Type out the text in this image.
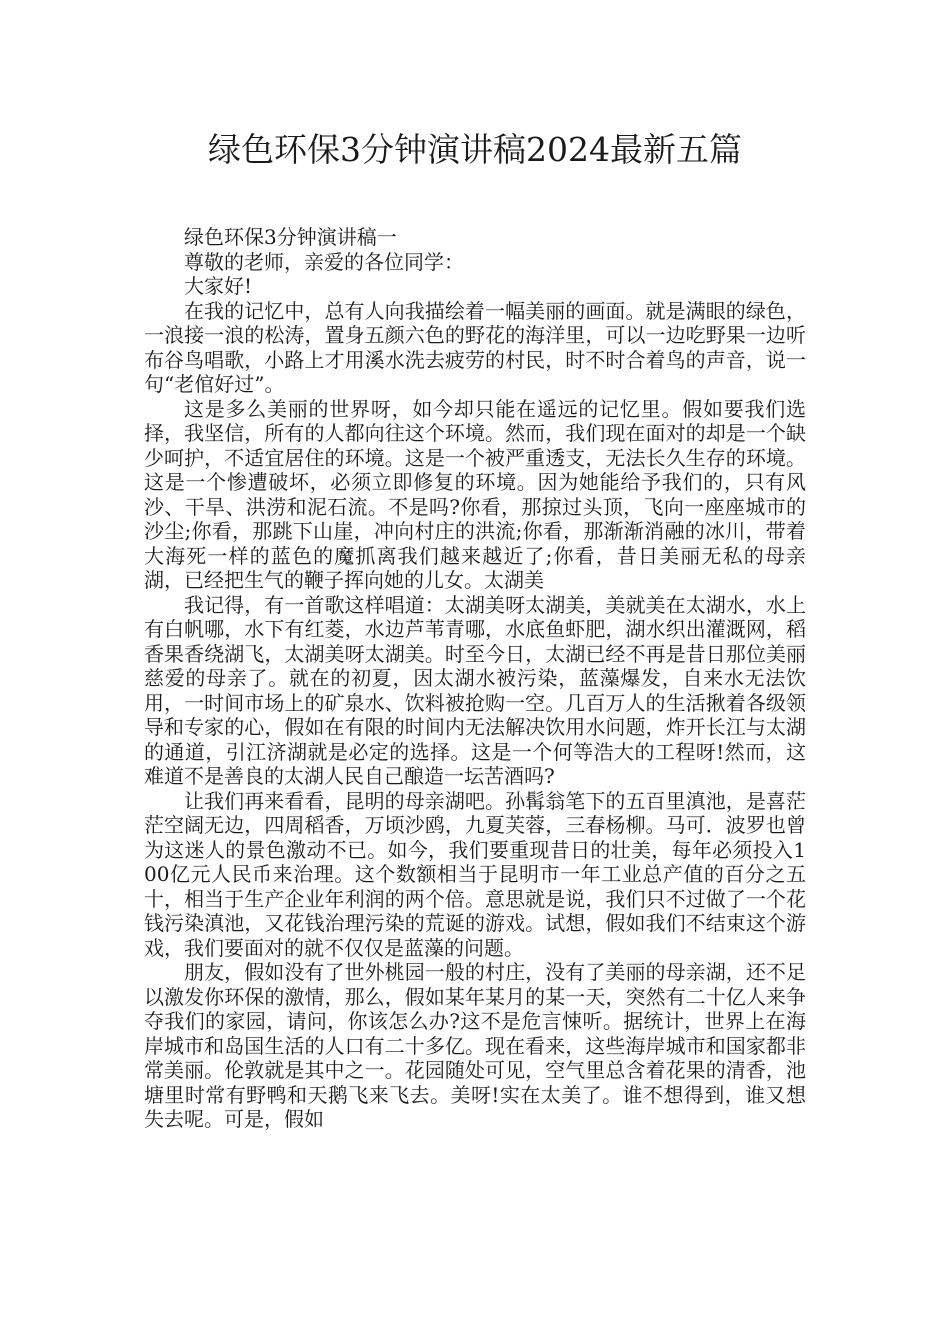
绿色环保3分钟演讲稿2024最新五篇

绿色环保3分钟演讲稿一

尊敬的老师，亲爱的各位同学：

大家好!

在我的记忆中，总有人向我描绘着一幅美丽的画面。就是满眼的绿色，一浪接一浪的松涛，置身五颜六色的野花的海洋里，可以一边吃野果一边听布谷鸟唱歌，小路上才用溪水洗去疲劳的村民，时不时合着鸟的声音，说一句“老倌好过”。

这是多么美丽的世界呀，如今却只能在遥远的记忆里。假如要我们选择，我坚信，所有的人都向往这个环境。然而，我们现在面对的却是一个缺少呵护，不适宜居住的环境。这是一个被严重透支，无法长久生存的环境。这是一个惨遭破坏，必须立即修复的环境。因为她能给予我们的，只有风沙、干旱、洪涝和泥石流。不是吗?你看，那掠过头顶，飞向一座座城市的沙尘;你看，那跳下山崖，冲向村庄的洪流;你看，那渐渐消融的冰川，带着大海死一样的蓝色的魔抓离我们越来越近了;你看，昔日美丽无私的母亲湖，已经把生气的鞭子挥向她的儿女。太湖美

我记得，有一首歌这样唱道：太湖美呀太湖美，美就美在太湖水，水上有白帆哪，水下有红菱，水边芦苇青哪，水底鱼虾肥，湖水织出灌溉网，稻香果香绕湖飞，太湖美呀太湖美。时至今日，太湖已经不再是昔日那位美丽慈爱的母亲了。就在的初夏，因太湖水被污染，蓝藻爆发，自来水无法饮用，一时间市场上的矿泉水、饮料被抢购一空。几百万人的生活揪着各级领导和专家的心，假如在有限的时间内无法解决饮用水问题，炸开长江与太湖的通道，引江济湖就是必定的选择。这是一个何等浩大的工程呀!然而，这难道不是善良的太湖人民自己酿造一坛苦酒吗?

让我们再来看看，昆明的母亲湖吧。孙髯翁笔下的五百里滇池，是喜茫茫空阔无边，四周稻香，万顷沙鸥，九夏芙蓉，三春杨柳。马可．波罗也曾为这迷人的景色激动不已。如今，我们要重现昔日的壮美，每年必须投入100亿元人民币来治理。这个数额相当于昆明市一年工业总产值的百分之五十，相当于生产企业年利润的两个倍。意思就是说，我们只不过做了一个花钱污染滇池，又花钱治理污染的荒诞的游戏。试想，假如我们不结束这个游戏，我们要面对的就不仅仅是蓝藻的问题。

朋友，假如没有了世外桃园一般的村庄，没有了美丽的母亲湖，还不足以激发你环保的激情，那么，假如某年某月的某一天，突然有二十亿人来争夺我们的家园，请问，你该怎么办?这不是危言悚听。据统计，世界上在海岸城市和岛国生活的人口有二十多亿。现在看来，这些海岸城市和国家都非常美丽。伦敦就是其中之一。花园随处可见，空气里总含着花果的清香，池塘里时常有野鸭和天鹅飞来飞去。美呀!实在太美了。谁不想得到，谁又想失去呢。可是，假如
